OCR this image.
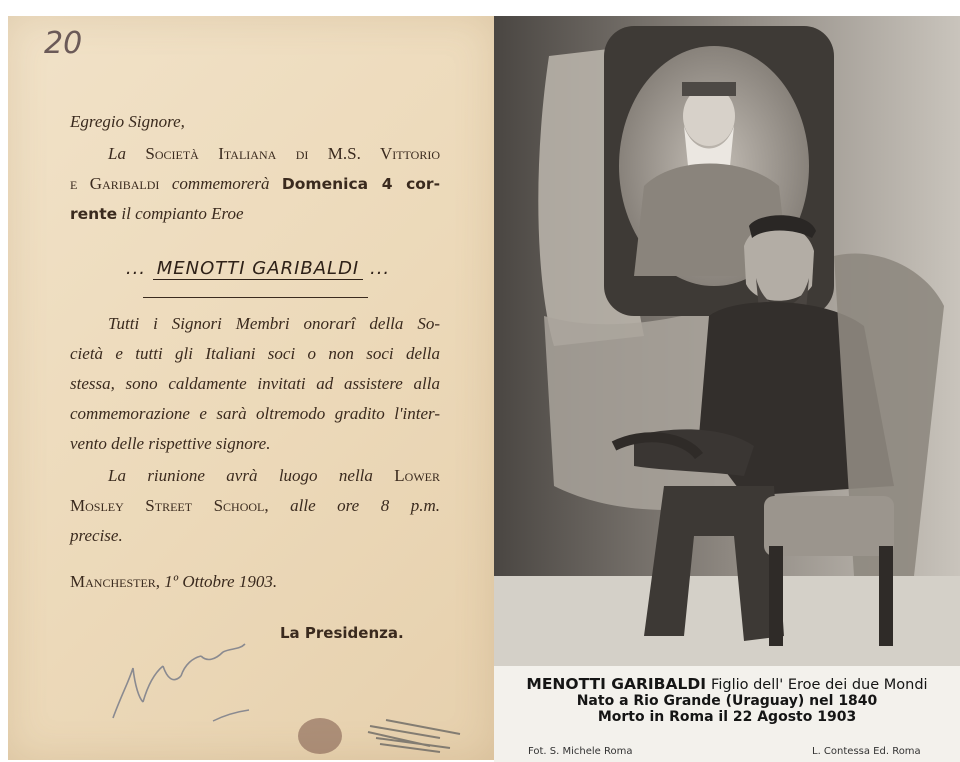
20
Egregio Signore,
La Società Italiana di M.S. Vittorio
e Garibaldi commemorerà Domenica 4 cor-
rente il compianto Eroe
... MENOTTI GARIBALDI ...
Tutti i Signori Membri onorarî della So-
cietà e tutti gli Italiani soci o non soci della
stessa, sono caldamente invitati ad assistere alla
commemorazione e sarà oltremodo gradito l'inter-
vento delle rispettive signore.
La riunione avrà luogo nella Lower
Mosley Street School, alle ore 8 p.m.
precise.
Manchester, 1º Ottobre 1903.
La Presidenza.
MENOTTI GARIBALDI Figlio dell' Eroe dei due Mondi
Nato a Rio Grande (Uraguay) nel 1840
Morto in Roma il 22 Agosto 1903
Fot. S. Michele Roma	L. Contessa Ed. Roma
